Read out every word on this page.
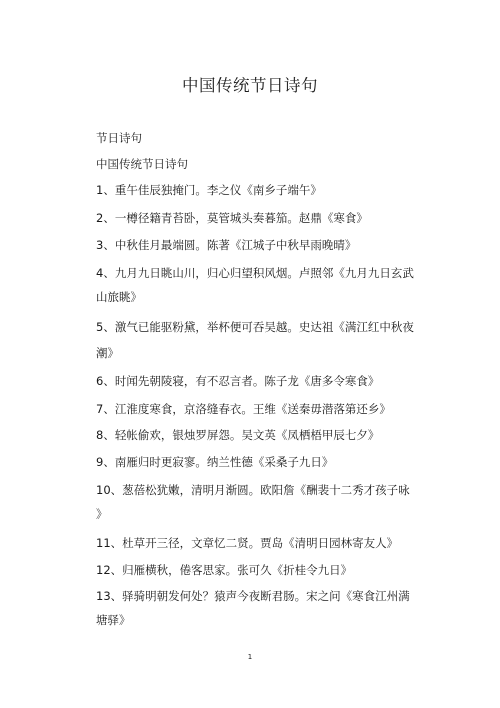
中国传统节日诗句
节日诗句
中国传统节日诗句
1、重午佳辰独掩门。李之仪《南乡子端午》
2、一樽径籍青苔卧，莫管城头奏暮笳。赵鼎《寒食》
3、中秋佳月最端圆。陈著《江城子中秋早雨晚晴》
4、九月九日眺山川，归心归望积风烟。卢照邻《九月九日玄武
山旅眺》
5、激气已能驱粉黛，举杯便可吞吴越。史达祖《满江红中秋夜
潮》
6、时闻先朝陵寝，有不忍言者。陈子龙《唐多令寒食》
7、江淮度寒食，京洛缝春衣。王维《送秦毋潜落第还乡》
8、轻帐偷欢，银烛罗屏怨。吴文英《凤栖梧甲辰七夕》
9、南雁归时更寂寥。纳兰性德《采桑子九日》
10、葱蓓松犹嫩，清明月渐圆。欧阳詹《酬裴十二秀才孩子咏
》
11、杜草开三径，文章忆二贤。贾岛《清明日园林寄友人》
12、归雁横秋，倦客思家。张可久《折桂令九日》
13、驿骑明朝发何处？猿声今夜断君肠。宋之问《寒食江州满
塘驿》
1
